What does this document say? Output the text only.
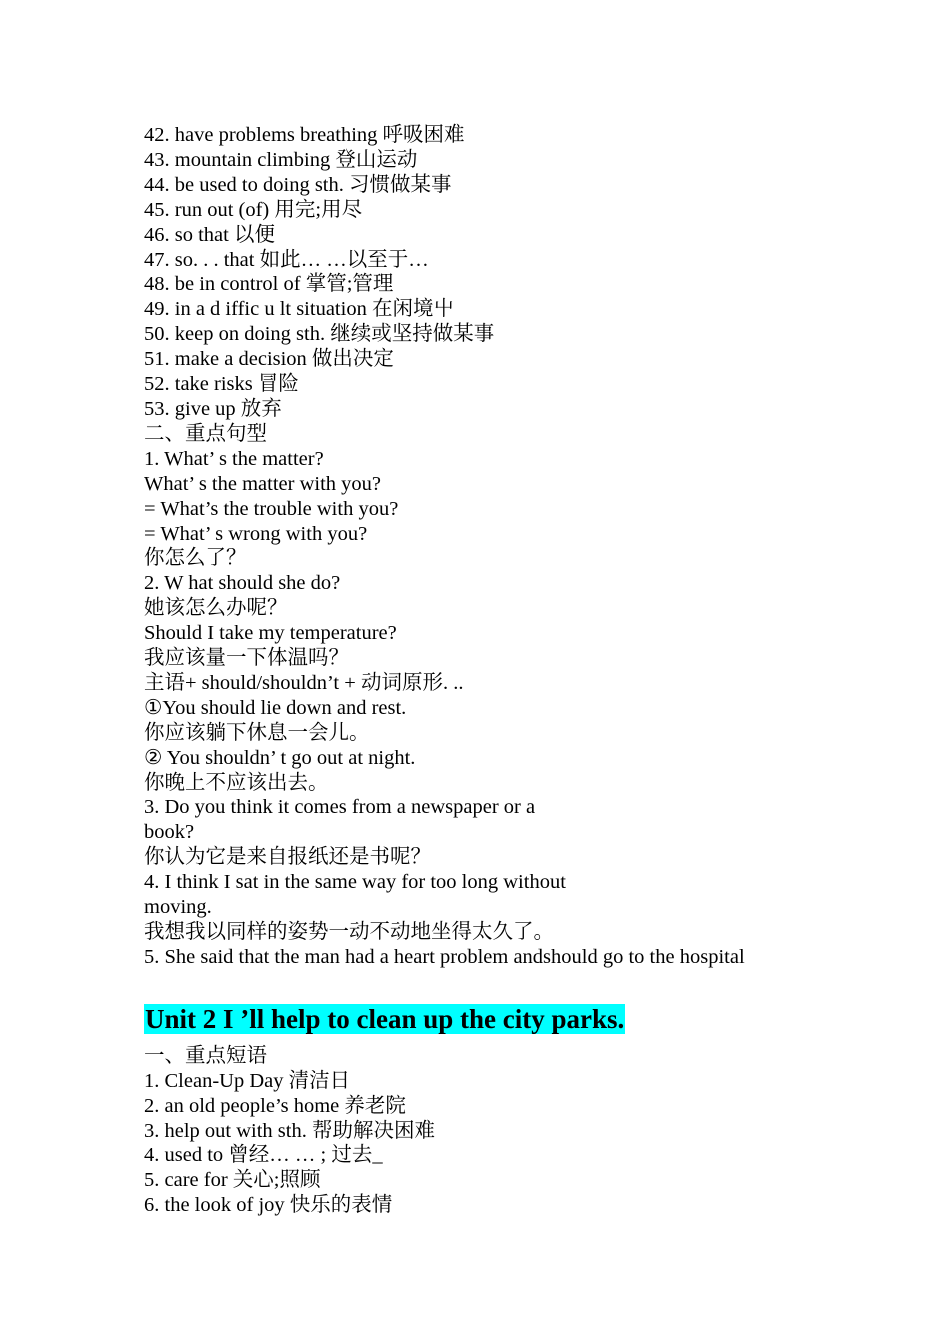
42. have problems breathing 呼吸困难
43. mountain climbing 登山运动
44. be used to doing sth. 习惯做某事
45. run out (of) 用完;用尽
46. so that 以便
47. so. . . that 如此… …以至于…
48. be in control of 掌管;管理
49. in a d iffic u lt situation 在闲境屮
50. keep on doing sth. 继续或坚持做某事
51. make a decision 做出决定
52. take risks 冒险
53. give up 放弃
二、重点句型
1. What’ s the matter?
What’ s the matter with you?
= What’s the trouble with you?
= What’ s wrong with you?
你怎么了？
2. W hat should she do?
她该怎么办呢？
Should I take my temperature?
我应该量一下体温吗？
主语+ should/shouldn’t + 动词原形. ..
①You should lie down and rest.
你应该躺下休息一会儿。
② You shouldn’ t go out at night.
你晚上不应该出去。
3. Do you think it comes from a newspaper or a
book?
你认为它是来自报纸还是书呢？
4. I think I sat in the same way for too long without
moving.
我想我以同样的姿势一动不动地坐得太久了。
5. She said that the man had a heart problem andshould go to the hospital
Unit 2 I ’ll help to clean up the city parks.
一、重点短语
1. Clean-Up Day 清洁日
2. an old people’s home 养老院
3. help out with sth. 帮助解决困难
4. used to 曾经… … ; 过去_
5. care for 关心;照顾
6. the look of joy 快乐的表情
